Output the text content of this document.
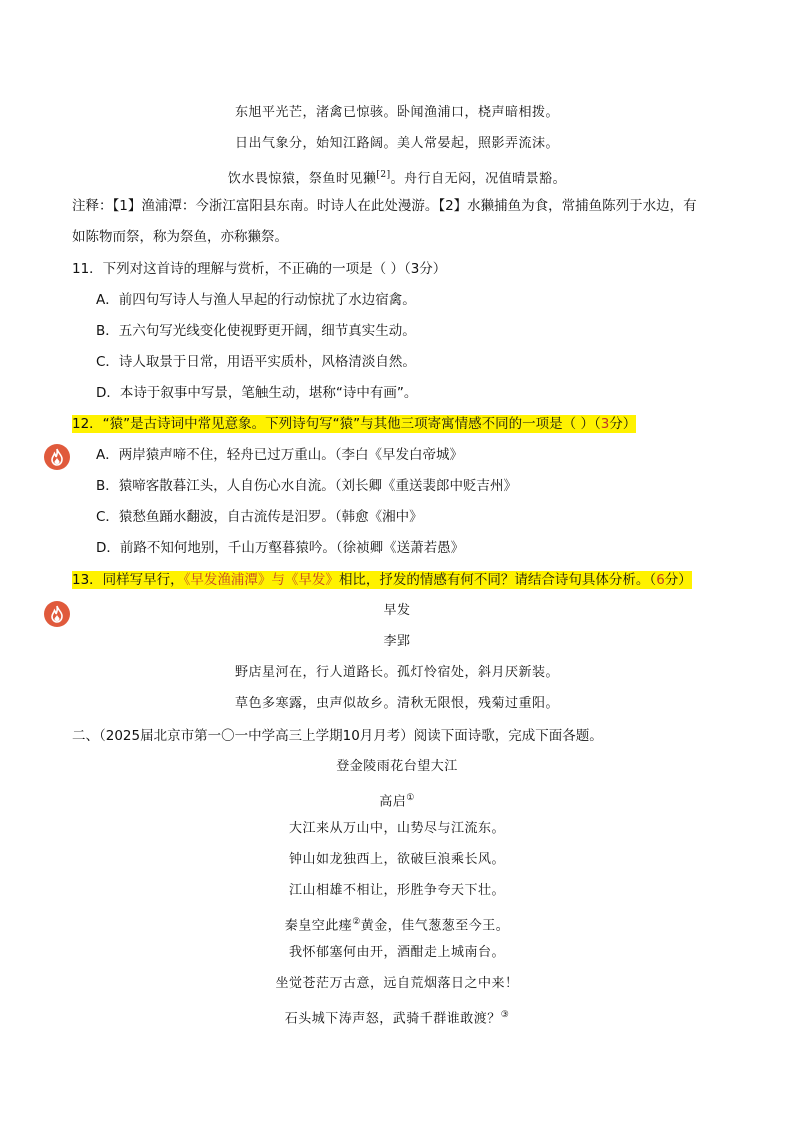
东旭平光芒，渚禽已惊骇。卧闻渔浦口，桡声暗相拨。
日出气象分，始知江路阔。美人常晏起，照影弄流沫。
饮水畏惊猿，祭鱼时见獭[2]。舟行自无闷，况值晴景豁。
注释：【1】渔浦潭：今浙江富阳县东南。时诗人在此处漫游。【2】水獭捕鱼为食，常捕鱼陈列于水边，有
如陈物而祭，称为祭鱼，亦称獭祭。
11．下列对这首诗的理解与赏析，不正确的一项是（ ）（3分）
A．前四句写诗人与渔人早起的行动惊扰了水边宿禽。
B．五六句写光线变化使视野更开阔，细节真实生动。
C．诗人取景于日常，用语平实质朴，风格清淡自然。
D．本诗于叙事中写景，笔触生动，堪称“诗中有画”。
12．“猿”是古诗词中常见意象。下列诗句写“猿”与其他三项寄寓情感不同的一项是（ ）（3分）
A．两岸猿声啼不住，轻舟已过万重山。（李白《早发白帝城》
B．猿啼客散暮江头，人自伤心水自流。（刘长卿《重送裴郎中贬吉州》
C．猿愁鱼踊水翻波，自古流传是汨罗。（韩愈《湘中》
D．前路不知何地别，千山万壑暮猿吟。（徐祯卿《送萧若愚》
13．同样写早行，《早发渔浦潭》与《早发》相比，抒发的情感有何不同？请结合诗句具体分析。（6分）
早发
李郢
野店星河在，行人道路长。孤灯怜宿处，斜月厌新装。
草色多寒露，虫声似故乡。清秋无限恨，残菊过重阳。
二、（2025届北京市第一〇一中学高三上学期10月月考）阅读下面诗歌，完成下面各题。
登金陵雨花台望大江
高启①
大江来从万山中，山势尽与江流东。
钟山如龙独西上，欲破巨浪乘长风。
江山相雄不相让，形胜争夸天下壮。
秦皇空此瘗②黄金，佳气葱葱至今王。
我怀郁塞何由开，酒酣走上城南台。
坐觉苍茫万古意，远自荒烟落日之中来！
石头城下涛声怒，武骑千群谁敢渡？③
